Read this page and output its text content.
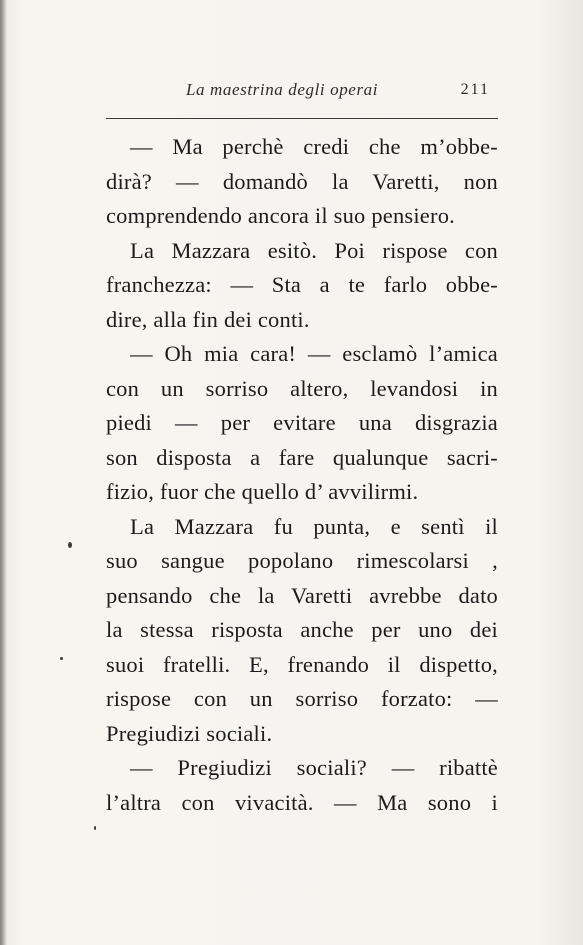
La maestrina degli operai	211
— Ma perchè credi che m’obbe-
dirà? — domandò la Varetti, non
comprendendo ancora il suo pensiero.
La Mazzara esitò. Poi rispose con
franchezza: — Sta a te farlo obbe-
dire, alla fin dei conti.
— Oh mia cara! — esclamò l’amica
con un sorriso altero, levandosi in
piedi — per evitare una disgrazia
son disposta a fare qualunque sacri-
fizio, fuor che quello d’ avvilirmi.
La Mazzara fu punta, e sentì il
suo sangue popolano rimescolarsi ,
pensando che la Varetti avrebbe dato
la stessa risposta anche per uno dei
suoi fratelli. E, frenando il dispetto,
rispose con un sorriso forzato: —
Pregiudizi sociali.
— Pregiudizi sociali? — ribattè
l’altra con vivacità. — Ma sono i
